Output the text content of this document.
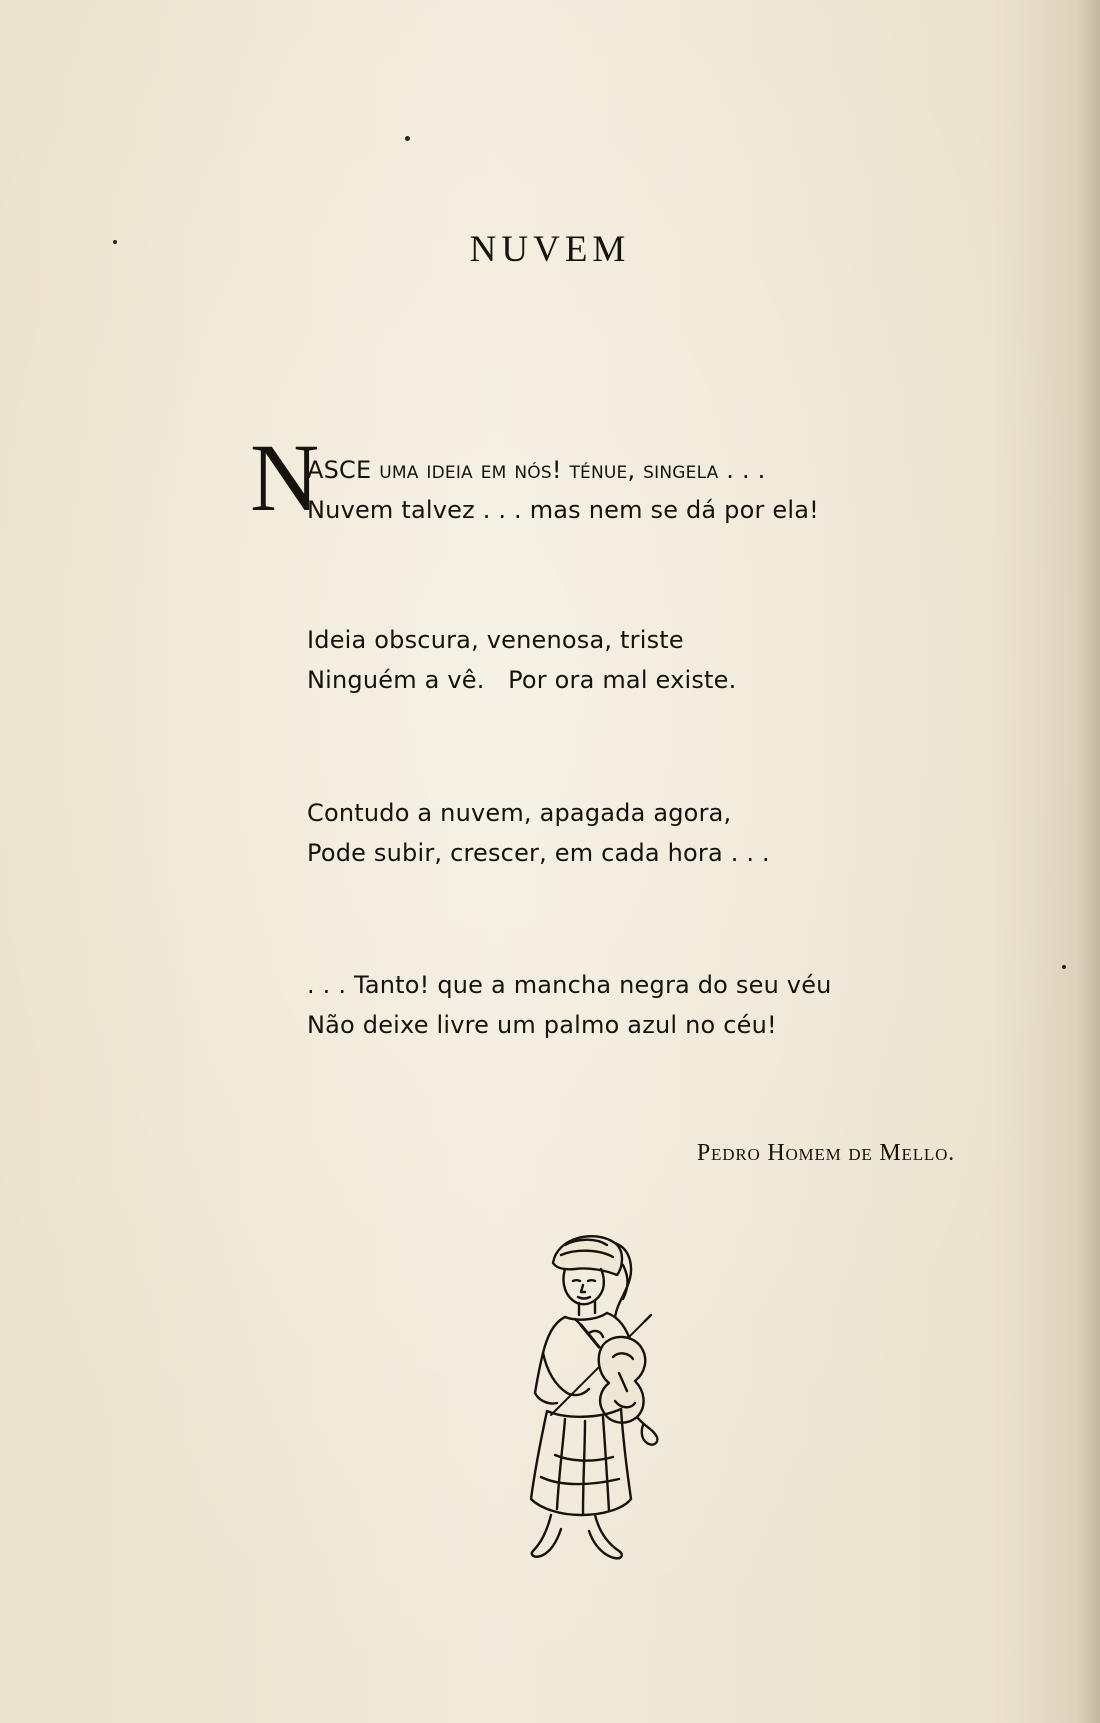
NUVEM
N
ASCE uma ideia em nós! ténue, singela . . .
Nuvem talvez . . . mas nem se dá por ela!
Ideia obscura, venenosa, triste
Ninguém a vê.   Por ora mal existe.
Contudo a nuvem, apagada agora,
Pode subir, crescer, em cada hora . . .
. . . Tanto! que a mancha negra do seu véu
Não deixe livre um palmo azul no céu!
Pedro Homem de Mello.
